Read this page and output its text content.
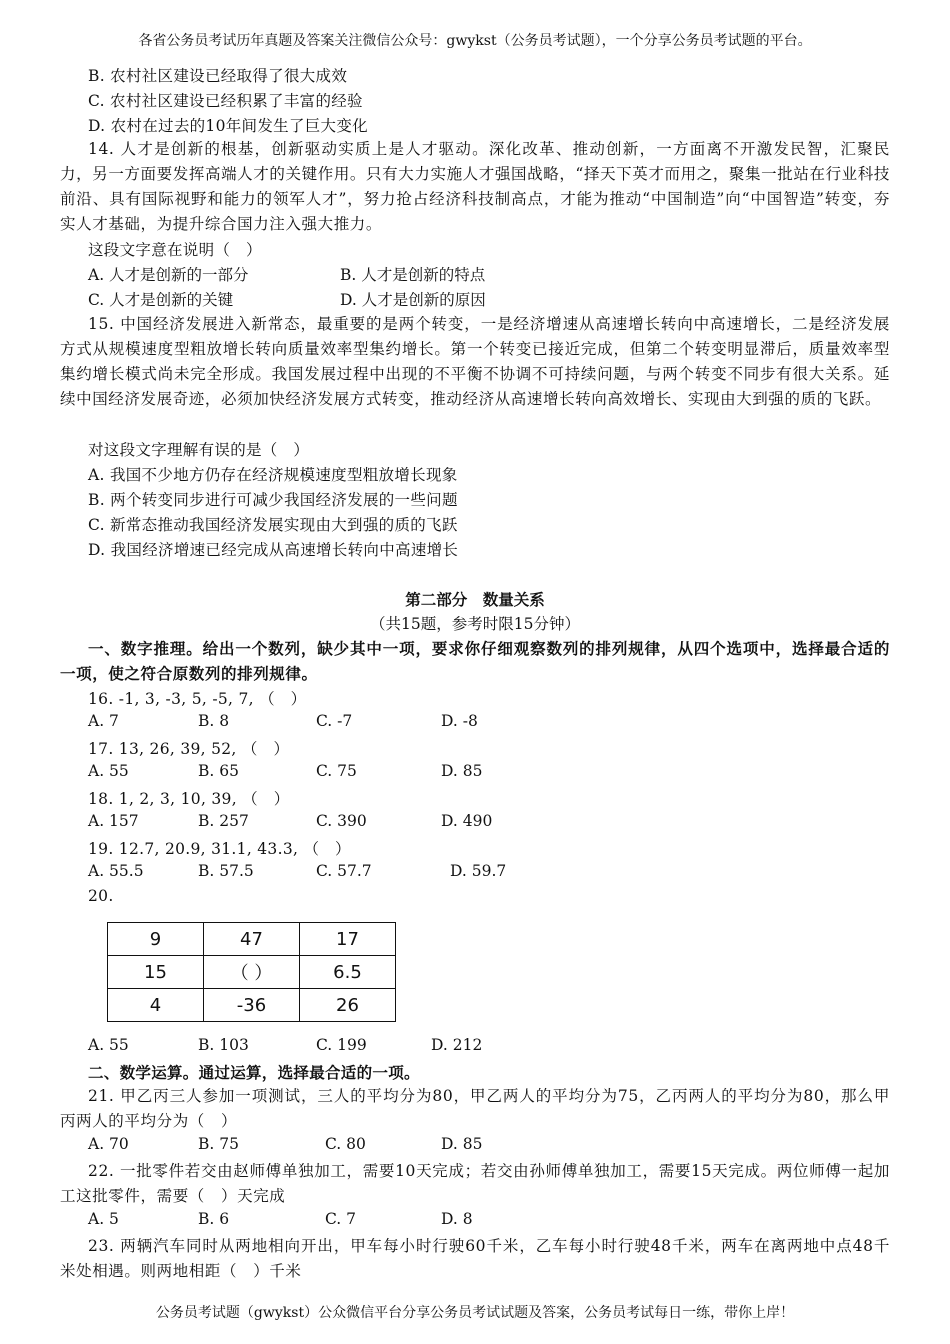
各省公务员考试历年真题及答案关注微信公众号：gwykst（公务员考试题），一个分享公务员考试题的平台。
B. 农村社区建设已经取得了很大成效
C. 农村社区建设已经积累了丰富的经验
D. 农村在过去的10年间发生了巨大变化
14. 人才是创新的根基，创新驱动实质上是人才驱动。深化改革、推动创新，一方面离不开激发民智，汇聚民力，另一方面要发挥高端人才的关键作用。只有大力实施人才强国战略，“择天下英才而用之，聚集一批站在行业科技前沿、具有国际视野和能力的领军人才”，努力抢占经济科技制高点，才能为推动“中国制造”向“中国智造”转变，夯实人才基础，为提升综合国力注入强大推力。
这段文字意在说明（　）
A. 人才是创新的一部分	B. 人才是创新的特点
C. 人才是创新的关键	D. 人才是创新的原因
15. 中国经济发展进入新常态，最重要的是两个转变，一是经济增速从高速增长转向中高速增长，二是经济发展方式从规模速度型粗放增长转向质量效率型集约增长。第一个转变已接近完成，但第二个转变明显滞后，质量效率型集约增长模式尚未完全形成。我国发展过程中出现的不平衡不协调不可持续问题，与两个转变不同步有很大关系。延续中国经济发展奇迹，必须加快经济发展方式转变，推动经济从高速增长转向高效增长、实现由大到强的质的飞跃。
对这段文字理解有误的是（　）
A. 我国不少地方仍存在经济规模速度型粗放增长现象
B. 两个转变同步进行可减少我国经济发展的一些问题
C. 新常态推动我国经济发展实现由大到强的质的飞跃
D. 我国经济增速已经完成从高速增长转向中高速增长
第二部分　数量关系
（共15题，参考时限15分钟）
一、数字推理。给出一个数列，缺少其中一项，要求你仔细观察数列的排列规律，从四个选项中，选择最合适的一项，使之符合原数列的排列规律。
16. -1, 3, -3, 5, -5, 7, （　）
A. 7	B. 8	C. -7	D. -8
17. 13, 26, 39, 52, （　）
A. 55	B. 65	C. 75	D. 85
18. 1, 2, 3, 10, 39, （　）
A. 157	B. 257	C. 390	D. 490
19. 12.7, 20.9, 31.1, 43.3, （　）
A. 55.5	B. 57.5	C. 57.7	D. 59.7
20.
9	47	17
15	（ ）	6.5
4	-36	26
A. 55	B. 103	C. 199	D. 212
二、数学运算。通过运算，选择最合适的一项。
21. 甲乙丙三人参加一项测试，三人的平均分为80，甲乙两人的平均分为75，乙丙两人的平均分为80，那么甲丙两人的平均分为（　）
A. 70	B. 75	C. 80	D. 85
22. 一批零件若交由赵师傅单独加工，需要10天完成；若交由孙师傅单独加工，需要15天完成。两位师傅一起加工这批零件，需要（　）天完成
A. 5	B. 6	C. 7	D. 8
23. 两辆汽车同时从两地相向开出，甲车每小时行驶60千米，乙车每小时行驶48千米，两车在离两地中点48千米处相遇。则两地相距（　）千米
公务员考试题（gwykst）公众微信平台分享公务员考试试题及答案，公务员考试每日一练，带你上岸！
